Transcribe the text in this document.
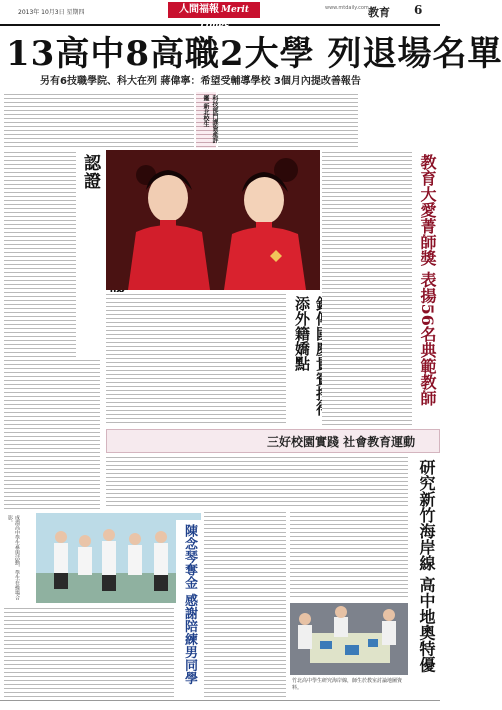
2013年 10月3日 星期四	人間福報 Merit Times
www.mtdaily.com 教育 6
13高中8高職2大學 列退場名單
另有6技職學院、科大在列 蔣偉寧：希望受輔導學校 3個月內提改善報告
科技部門課資產評鑑 新北校生
認證
添外籍嬌點	教育大愛菁師獎 表揚56名典範教師
三好校園實踐 社會教育運動
研究新竹海岸線 高中地奧特優
成淵高中學生參與活動，學生在操場合影。
陳念琴奪金 感謝陪練男同學	竹北高中學生研究海岸線，師生於教室討論地圖資料。
